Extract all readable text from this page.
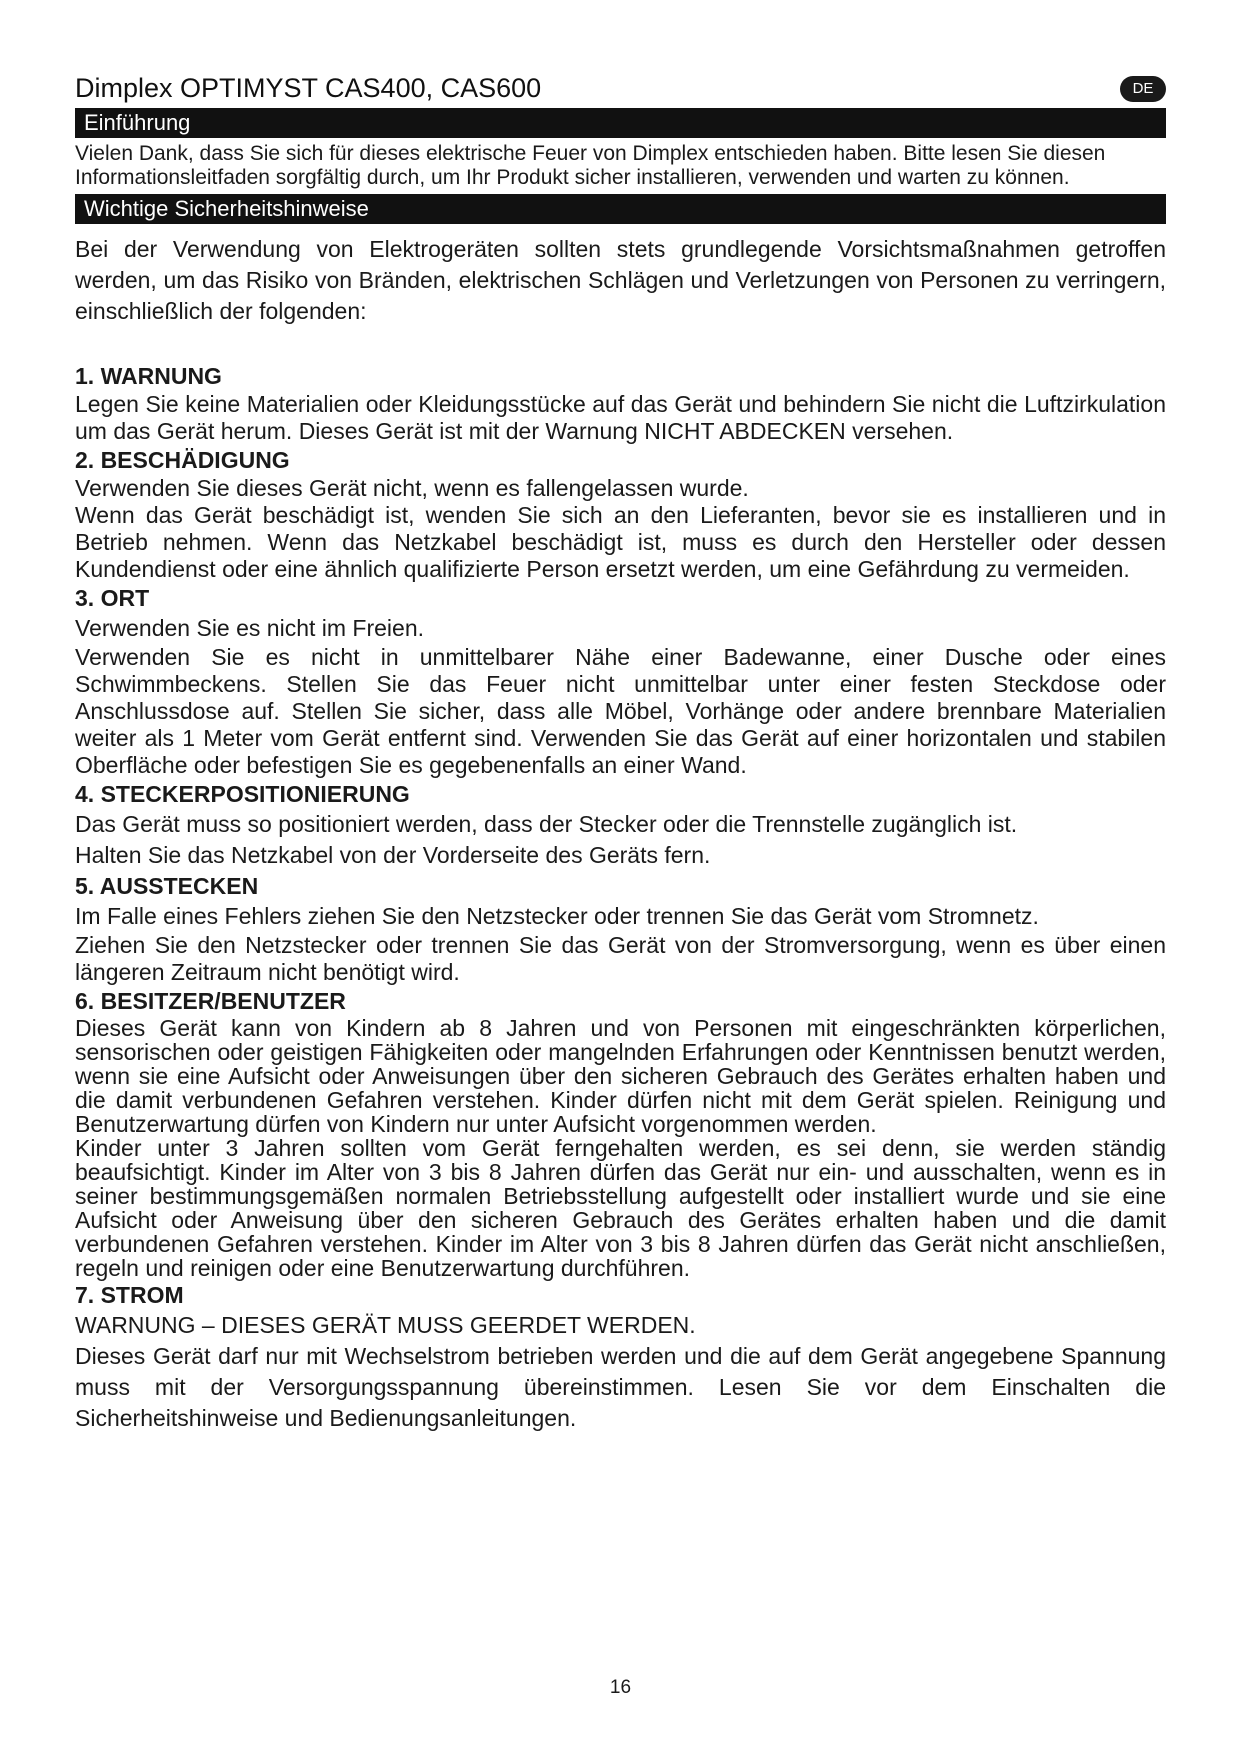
Dimplex OPTIMYST CAS400, CAS600	DE
Einführung

Vielen Dank, dass Sie sich für dieses elektrische Feuer von Dimplex entschieden haben. Bitte lesen Sie diesen Informationsleitfaden sorgfältig durch, um Ihr Produkt sicher installieren, verwenden und warten zu können.

Wichtige Sicherheitshinweise

Bei der Verwendung von Elektrogeräten sollten stets grundlegende Vorsichtsmaßnahmen getroffen werden, um das Risiko von Bränden, elektrischen Schlägen und Verletzungen von Personen zu verringern, einschließlich der folgenden:

1. WARNUNG

Legen Sie keine Materialien oder Kleidungsstücke auf das Gerät und behindern Sie nicht die Luftzirkulation um das Gerät herum. Dieses Gerät ist mit der Warnung NICHT ABDECKEN versehen.

2. BESCHÄDIGUNG

Verwenden Sie dieses Gerät nicht, wenn es fallengelassen wurde.

Wenn das Gerät beschädigt ist, wenden Sie sich an den Lieferanten, bevor sie es installieren und in Betrieb nehmen. Wenn das Netzkabel beschädigt ist, muss es durch den Hersteller oder dessen Kundendienst oder eine ähnlich qualifizierte Person ersetzt werden, um eine Gefährdung zu vermeiden.

3. ORT

Verwenden Sie es nicht im Freien.

Verwenden Sie es nicht in unmittelbarer Nähe einer Badewanne, einer Dusche oder eines Schwimmbeckens. Stellen Sie das Feuer nicht unmittelbar unter einer festen Steckdose oder Anschlussdose auf. Stellen Sie sicher, dass alle Möbel, Vorhänge oder andere brennbare Materialien weiter als 1 Meter vom Gerät entfernt sind. Verwenden Sie das Gerät auf einer horizontalen und stabilen Oberfläche oder befestigen Sie es gegebenenfalls an einer Wand.

4. STECKERPOSITIONIERUNG

Das Gerät muss so positioniert werden, dass der Stecker oder die Trennstelle zugänglich ist.

Halten Sie das Netzkabel von der Vorderseite des Geräts fern.

5. AUSSTECKEN

Im Falle eines Fehlers ziehen Sie den Netzstecker oder trennen Sie das Gerät vom Stromnetz.

Ziehen Sie den Netzstecker oder trennen Sie das Gerät von der Stromversorgung, wenn es über einen längeren Zeitraum nicht benötigt wird.

6. BESITZER/BENUTZER

Dieses Gerät kann von Kindern ab 8 Jahren und von Personen mit eingeschränkten körperlichen, sensorischen oder geistigen Fähigkeiten oder mangelnden Erfahrungen oder Kenntnissen benutzt werden, wenn sie eine Aufsicht oder Anweisungen über den sicheren Gebrauch des Gerätes erhalten haben und die damit verbundenen Gefahren verstehen. Kinder dürfen nicht mit dem Gerät spielen. Reinigung und Benutzerwartung dürfen von Kindern nur unter Aufsicht vorgenommen werden.

Kinder unter 3 Jahren sollten vom Gerät ferngehalten werden, es sei denn, sie werden ständig beaufsichtigt. Kinder im Alter von 3 bis 8 Jahren dürfen das Gerät nur ein- und ausschalten, wenn es in seiner bestimmungsgemäßen normalen Betriebsstellung aufgestellt oder installiert wurde und sie eine Aufsicht oder Anweisung über den sicheren Gebrauch des Gerätes erhalten haben und die damit verbundenen Gefahren verstehen. Kinder im Alter von 3 bis 8 Jahren dürfen das Gerät nicht anschließen, regeln und reinigen oder eine Benutzerwartung durchführen.

7. STROM

WARNUNG – DIESES GERÄT MUSS GEERDET WERDEN.

Dieses Gerät darf nur mit Wechselstrom betrieben werden und die auf dem Gerät angegebene Spannung muss mit der Versorgungsspannung übereinstimmen. Lesen Sie vor dem Einschalten die Sicherheitshinweise und Bedienungsanleitungen.

16
